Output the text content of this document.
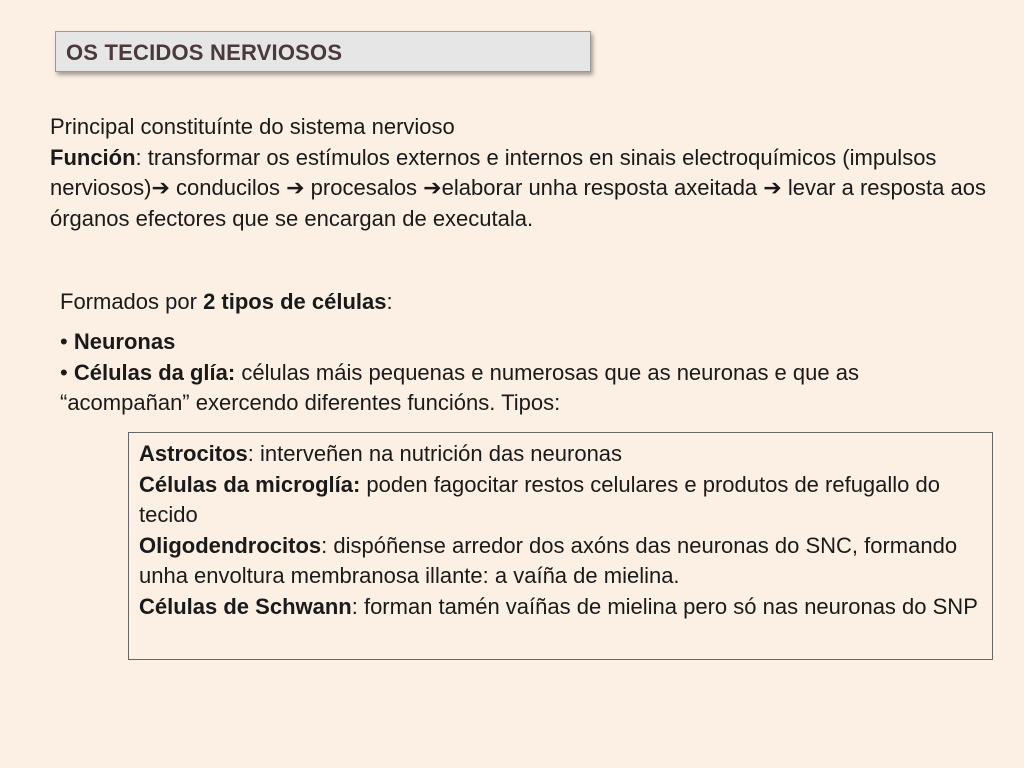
OS TECIDOS NERVIOSOS

Principal constituínte do sistema nervioso

Función: transformar os estímulos externos e internos en sinais electroquímicos (impulsos nerviosos)➔ conducilos ➔ procesalos ➔elaborar unha resposta axeitada ➔ levar a resposta aos órganos efectores que se encargan de executala.

Formados por 2 tipos de células:

• Neuronas

• Células da glía: células máis pequenas e numerosas que as neuronas e que as “acompañan” exercendo diferentes funcións. Tipos:

Astrocitos: interveñen na nutrición das neuronas

Células da microglía: poden fagocitar restos celulares e produtos de refugallo do tecido

Oligodendrocitos: dispóñense arredor dos axóns das neuronas do SNC, formando unha envoltura membranosa illante: a vaíña de mielina.

Células de Schwann: forman tamén vaíñas de mielina pero só nas neuronas do SNP
